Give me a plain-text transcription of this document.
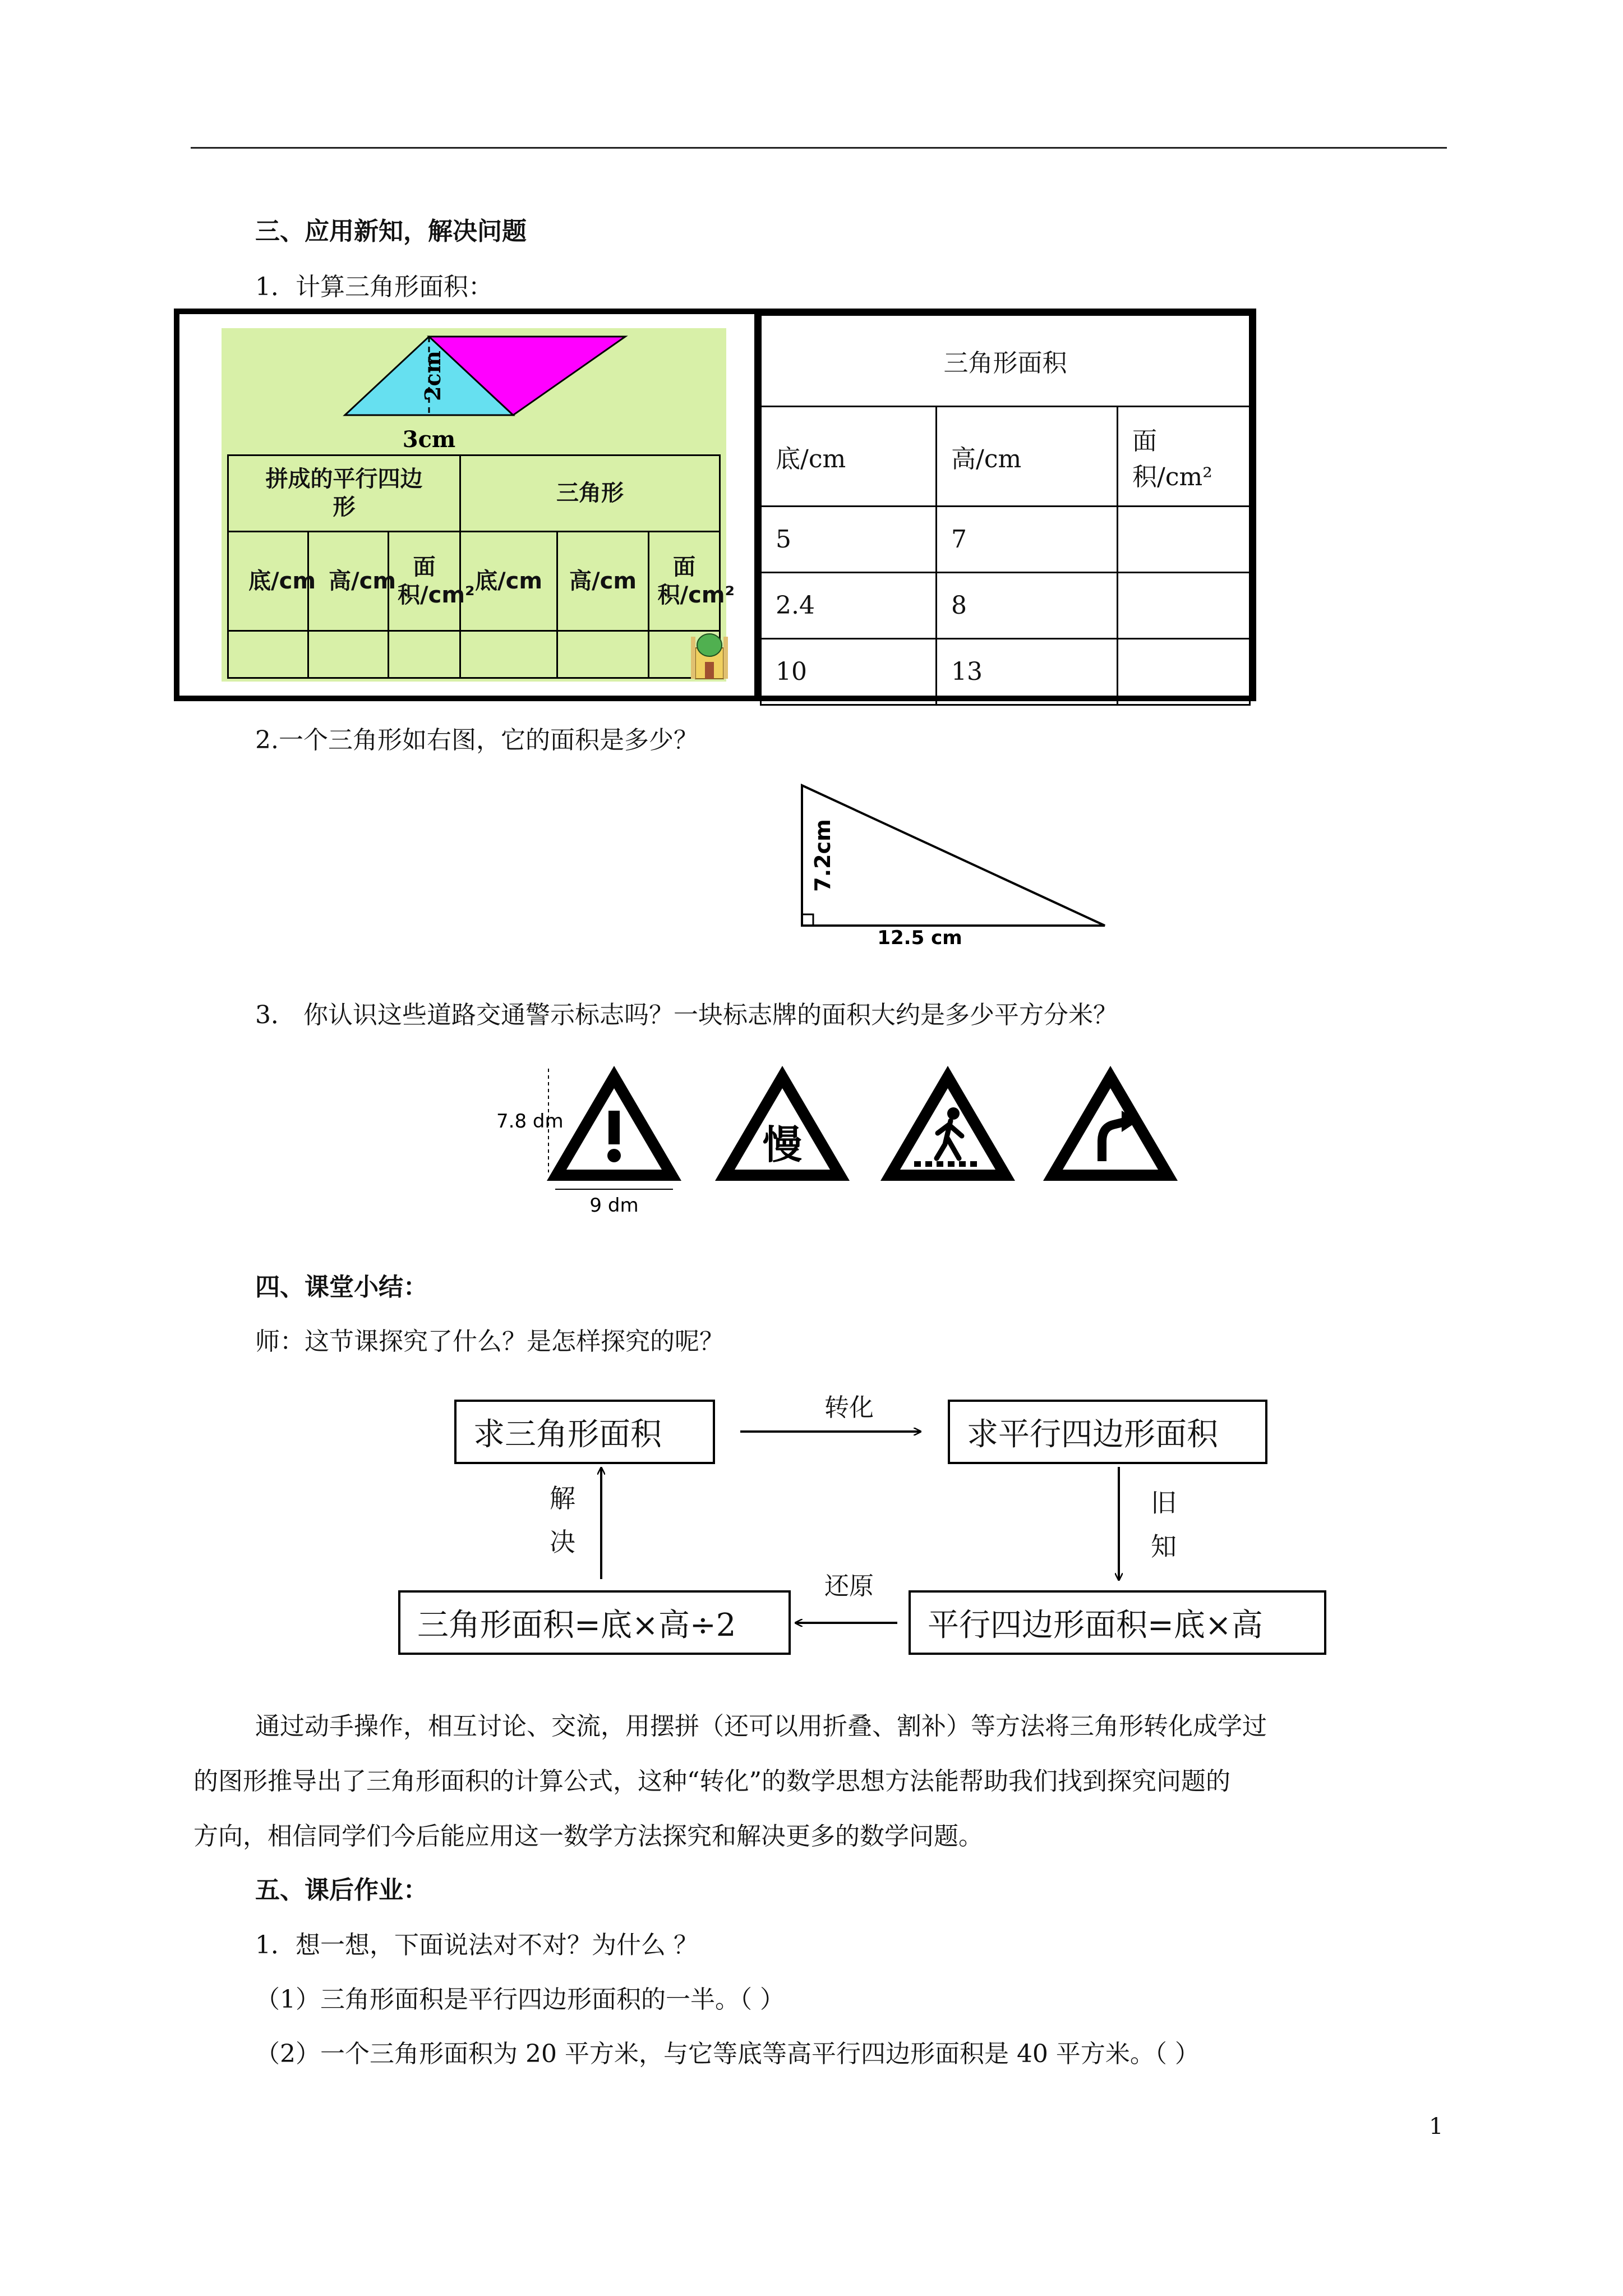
三、应用新知，解决问题
1．计算三角形面积：
2cm
3cm
拼成的平行四边形			三角形		

底/cm	高/cm	面积/cm²	底/cm	高/cm	面积/cm²

三角形面积		
底/cm	高/cm	面积/cm²
5	7	
2.4	8	
10	13	
2.一个三角形如右图，它的面积是多少？
7.2cm
12.5 cm
3． 你认识这些道路交通警示标志吗？一块标志牌的面积大约是多少平方分米？
7.8 dm
9 dm
慢
四、课堂小结：
师：这节课探究了什么？是怎样探究的呢？
求三角形面积	求平行四边形面积
平行四边形面积=底×高
三角形面积=底×高÷2
转化
旧
知
还原
解
决
通过动手操作，相互讨论、交流，用摆拼（还可以用折叠、割补）等方法将三角形转化成学过
的图形推导出了三角形面积的计算公式，这种“转化”的数学思想方法能帮助我们找到探究问题的
方向，相信同学们今后能应用这一数学方法探究和解决更多的数学问题。
五、课后作业：
1．想一想，下面说法对不对？为什么 ？
（1）三角形面积是平行四边形面积的一半。（ ）
（2）一个三角形面积为 20 平方米，与它等底等高平行四边形面积是 40 平方米。（ ）
1
